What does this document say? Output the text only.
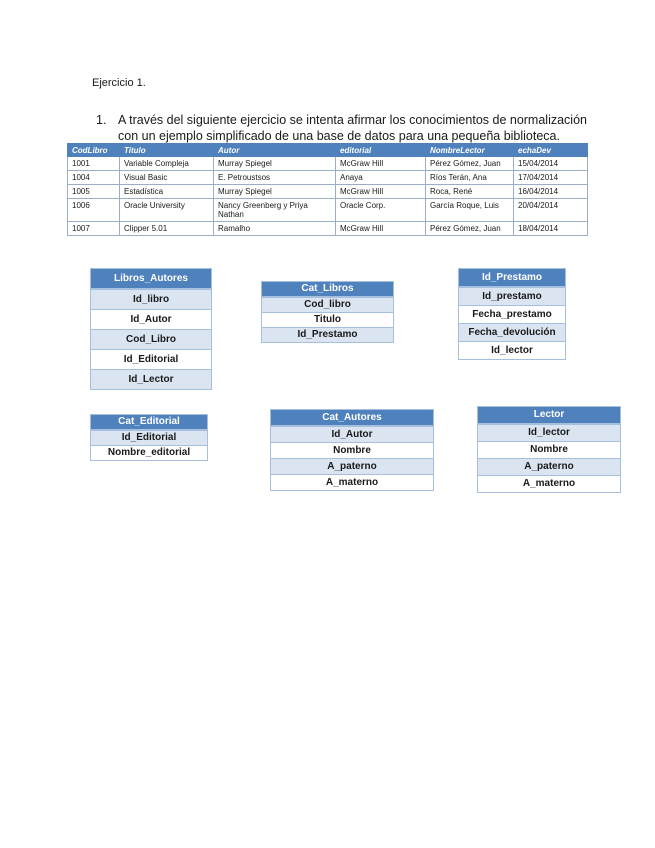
Ejercicio 1.
1. A través del siguiente ejercicio se intenta afirmar los conocimientos de normalización con un ejemplo simplificado de una base de datos para una pequeña biblioteca.
CodLibro	Titulo	Autor	editorial	NombreLector	echaDev
1001	Variable Compleja	Murray Spiegel	McGraw Hill	Pérez Gómez, Juan	15/04/2014
1004	Visual Basic	E. Petroustsos	Anaya	Ríos Terán, Ana	17/04/2014
1005	Estadística	Murray Spiegel	McGraw Hill	Roca, René	16/04/2014
1006	Oracle University	Nancy Greenberg y Priya Nathan	Oracle Corp.	García Roque, Luis	20/04/2014
1007	Clipper 5.01	Ramalho	McGraw Hill	Pérez Gómez, Juan	18/04/2014
Libros_Autores
Id_libro
Id_Autor
Cod_Libro
Id_Editorial
Id_Lector
Cat_Libros
Cod_libro
Titulo
Id_Prestamo
Id_Prestamo
Id_prestamo
Fecha_prestamo
Fecha_devolución
Id_lector
Cat_Editorial
Id_Editorial
Nombre_editorial
Cat_Autores
Id_Autor
Nombre
A_paterno
A_materno
Lector
Id_lector
Nombre
A_paterno
A_materno
